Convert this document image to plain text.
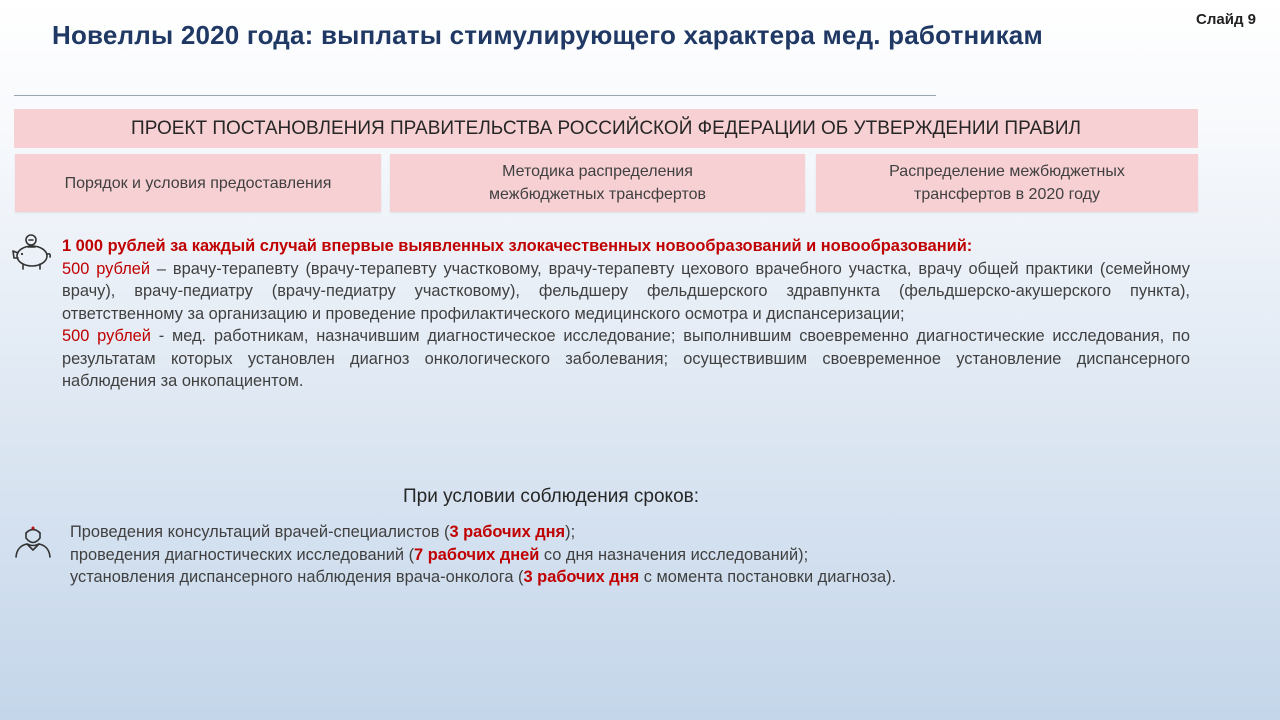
Слайд 9
Новеллы 2020 года: выплаты стимулирующего характера мед. работникам
ПРОЕКТ ПОСТАНОВЛЕНИЯ ПРАВИТЕЛЬСТВА РОССИЙСКОЙ ФЕДЕРАЦИИ ОБ УТВЕРЖДЕНИИ ПРАВИЛ
Порядок и условия предоставления
Методика распределения
межбюджетных трансфертов
Распределение межбюджетных
трансфертов в 2020 году
1 000 рублей за каждый случай впервые выявленных злокачественных новообразований и новообразований:
500 рублей – врачу-терапевту (врачу-терапевту участковому, врачу-терапевту цехового врачебного участка, врачу общей практики (семейному врачу), врачу-педиатру (врачу-педиатру участковому), фельдшеру фельдшерского здравпункта (фельдшерско-акушерского пункта), ответственному за организацию и проведение профилактического медицинского осмотра и диспансеризации;
500 рублей - мед. работникам, назначившим диагностическое исследование; выполнившим своевременно диагностические исследования, по результатам которых установлен диагноз онкологического заболевания; осуществившим своевременное установление диспансерного наблюдения за онкопациентом.
При условии соблюдения сроков:
Проведения консультаций врачей-специалистов (3 рабочих дня);
проведения диагностических исследований (7 рабочих дней со дня назначения исследований);
установления диспансерного наблюдения врача-онколога (3 рабочих дня с момента постановки диагноза).
